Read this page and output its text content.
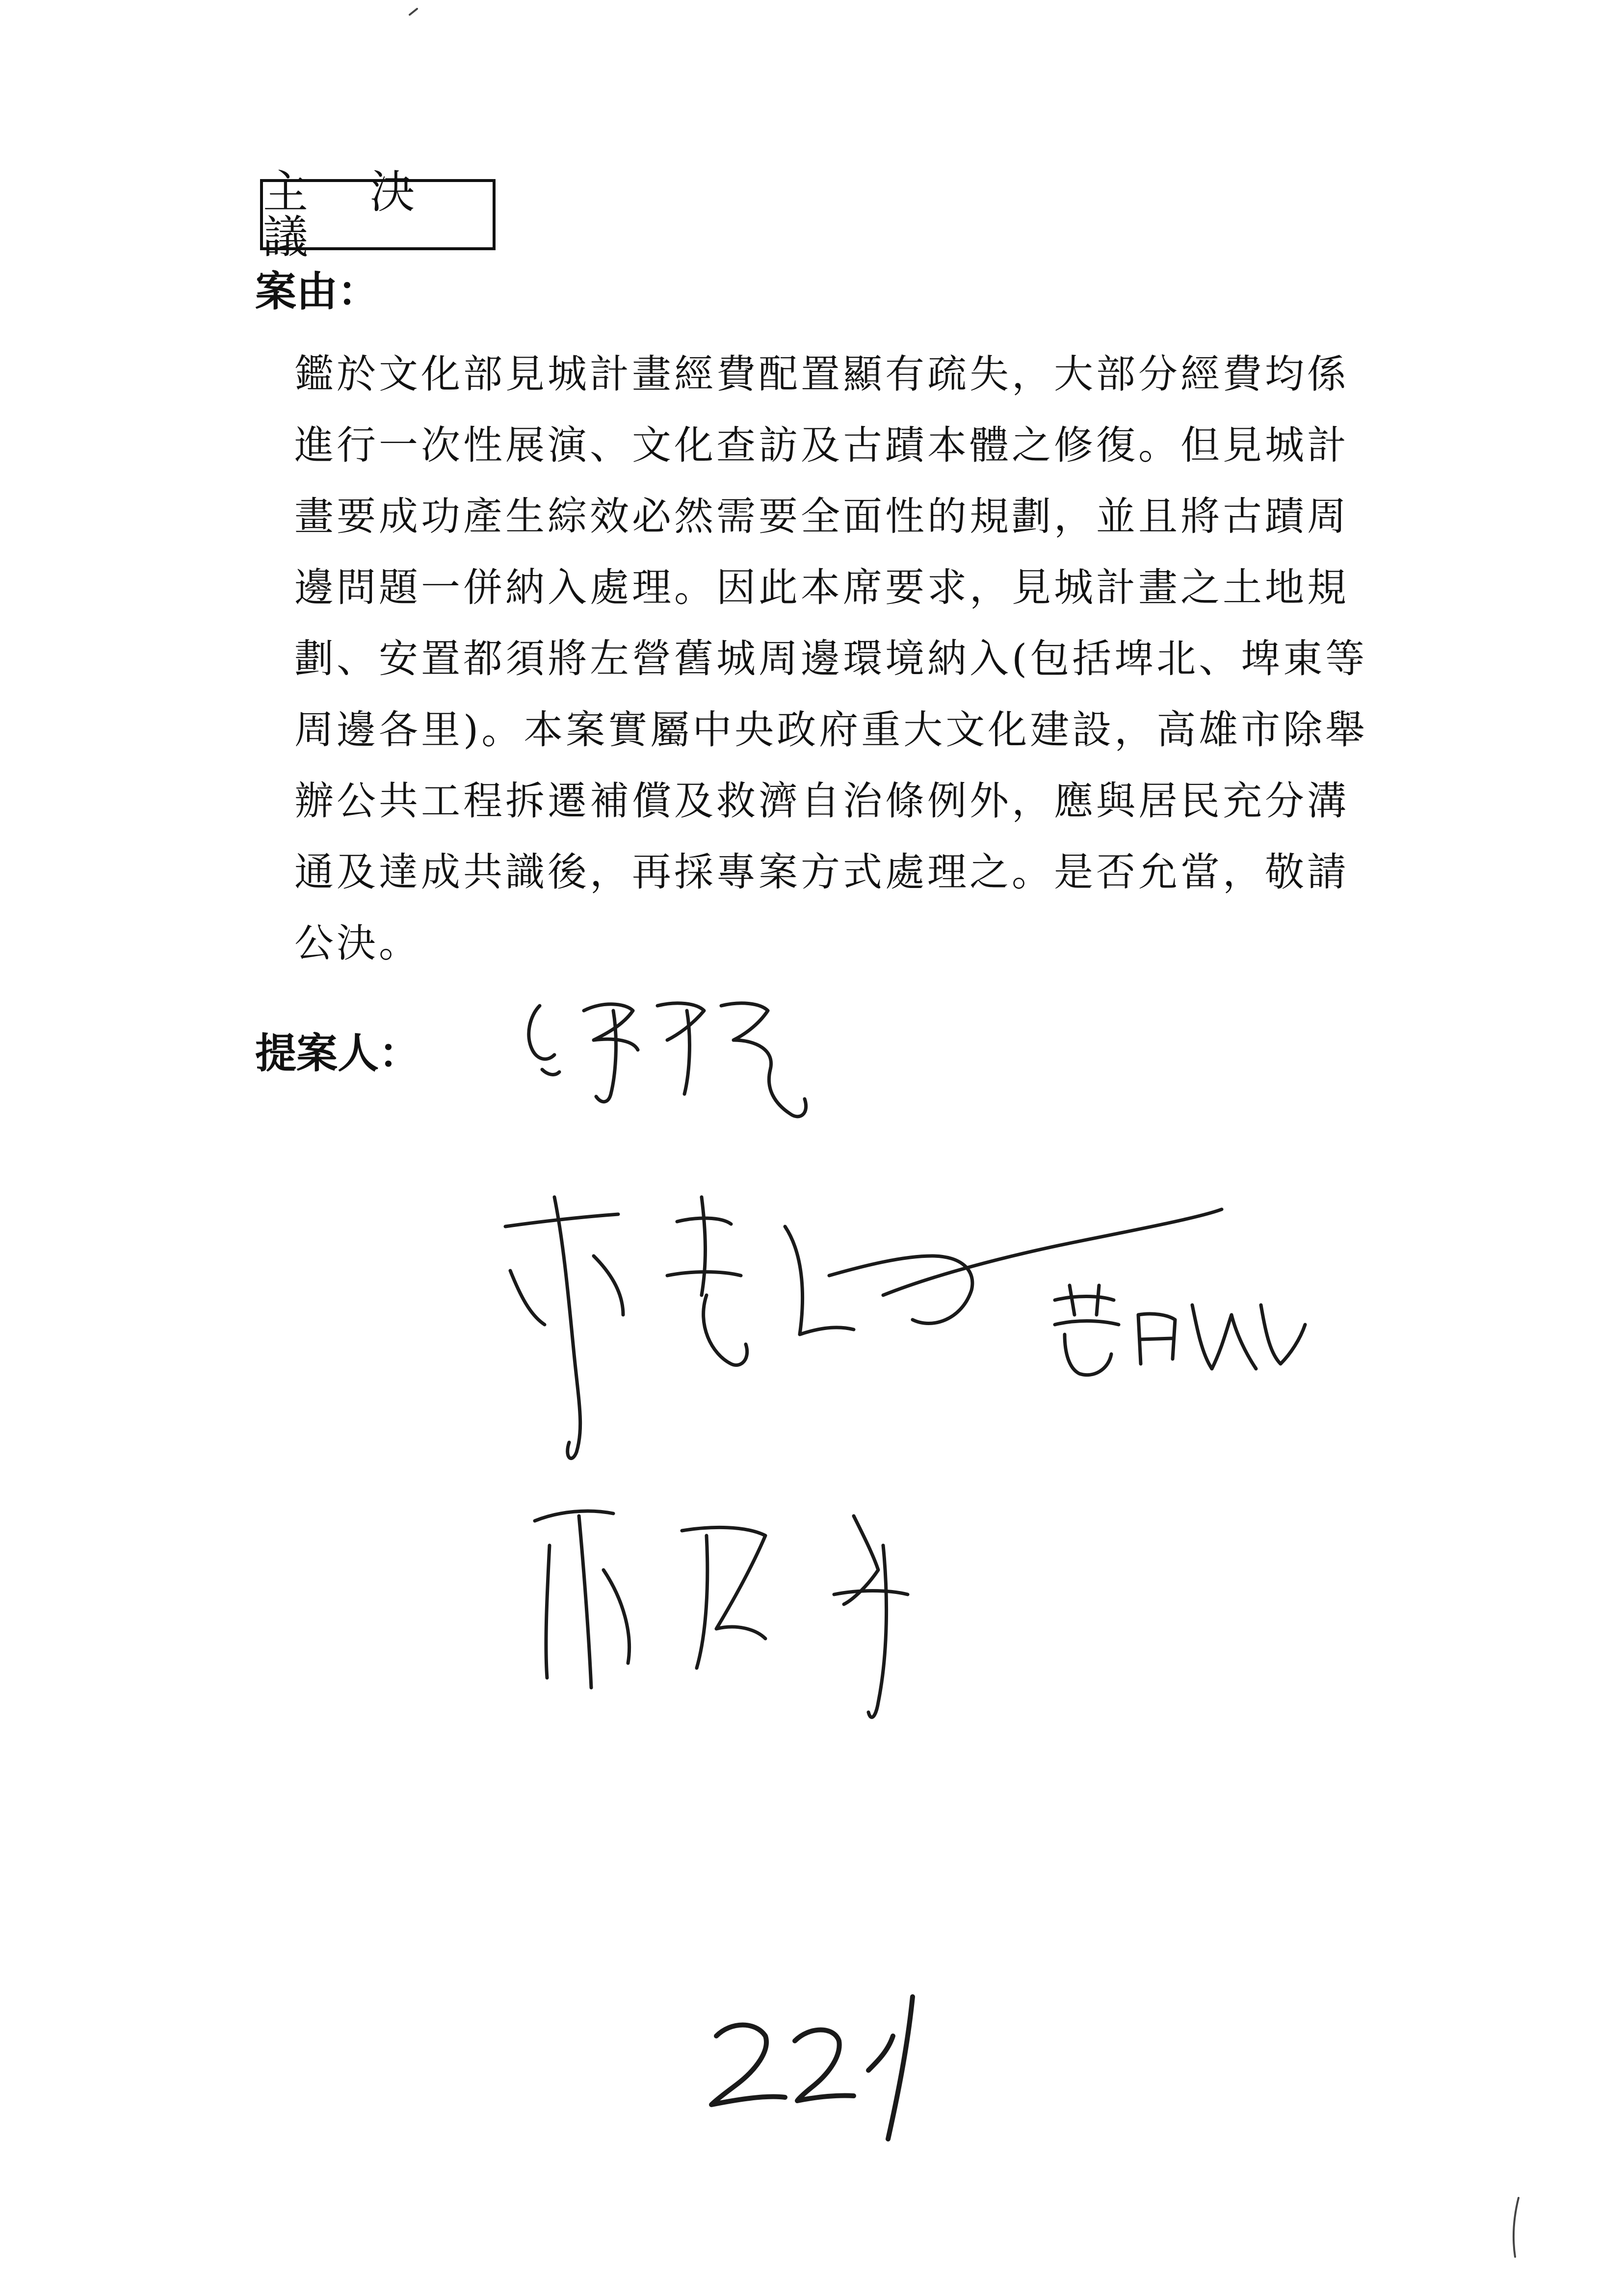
主 決 議
案由：

鑑於文化部見城計畫經費配置顯有疏失，大部分經費均係
進行一次性展演、文化查訪及古蹟本體之修復。但見城計
畫要成功產生綜效必然需要全面性的規劃，並且將古蹟周
邊問題一併納入處理。因此本席要求，見城計畫之土地規
劃、安置都須將左營舊城周邊環境納入(包括埤北、埤東等
周邊各里)。本案實屬中央政府重大文化建設，高雄市除舉
辦公共工程拆遷補償及救濟自治條例外，應與居民充分溝
通及達成共識後，再採專案方式處理之。是否允當，敬請
公決。

提案人：
